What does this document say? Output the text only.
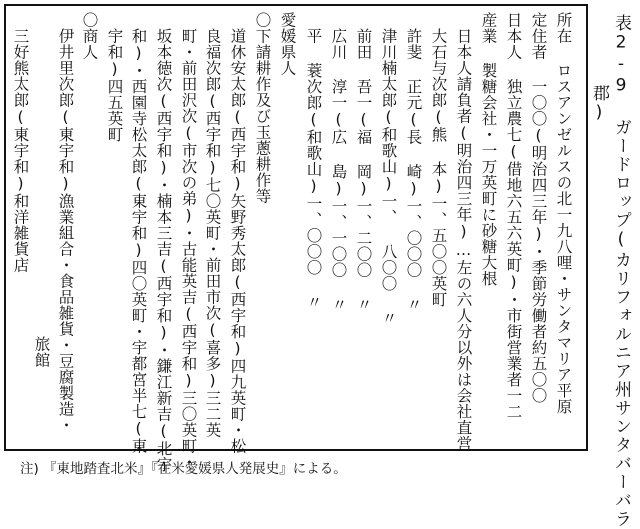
表2-9 ガードロップ(カリフォルニア州サンタバーバラ
郡)
所在 ロスアンゼルスの北一九八哩・サンタマリア平原
定住者 一〇〇(明治四三年)・季節労働者約五〇〇
日本人 独立農七(借地六五六英町)・市街営業者一二
産業 製糖会社・一万英町に砂糖大根
　日本人請負者(明治四三年)…左の六人分以外は会社直営
　大石与次郎(熊 本)一、五〇〇英町
　許斐 正元(長 崎)一、〇〇〇 〃
　津川楠太郎(和歌山)一、 八〇〇 〃
　前田 吾一(福 岡)一、二〇〇 〃
　広川 淳一(広 島)一、一〇〇 〃
　平 蓑次郎(和歌山)一、〇〇〇 〃
愛媛県人
〇下請耕作及び玉蔥耕作等
　道休安太郎(西宇和)矢野秀太郎(西宇和)四九英町・松
　良福次郎(西宇和)七〇英町・前田市次(喜多)三二英
　町・前田沢次(市次の弟)・古能英吉(西宇和)三〇英町・
　坂本徳次(西宇和)・楠本三吉(西宇和)・鎌江新吉(北宇
　和)・西園寺松太郎(東宇和)四〇英町・宇都宮半七(東
　宇和)四五英町
〇商人
　伊井里次郎(東宇和)漁業組合・食品雑貨・豆腐製造・
　　　　　　　　　　旅館
　三好熊太郎(東宇和)和洋雑貨店
注) 『東地踏査北米』『在米愛媛県人発展史』による。
